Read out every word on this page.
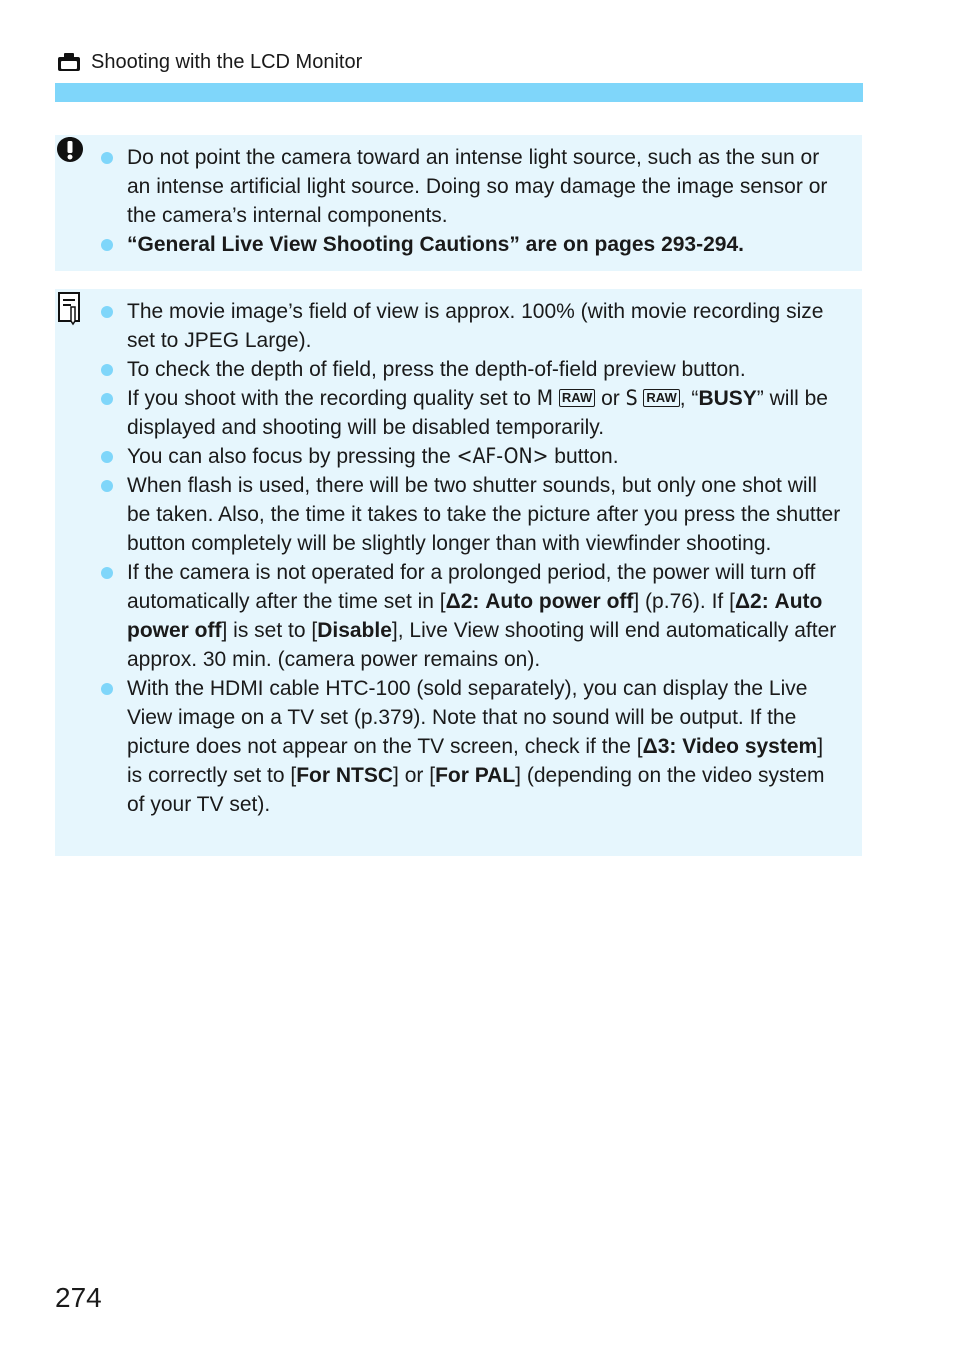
Shooting with the LCD Monitor
Do not point the camera toward an intense light source, such as the sun or an intense artificial light source. Doing so may damage the image sensor or the camera’s internal components.
“General Live View Shooting Cautions” are on pages 293-294.
The movie image’s field of view is approx. 100% (with movie recording size set to JPEG Large).
To check the depth of field, press the depth-of-field preview button.
If you shoot with the recording quality set to M RAW or S RAW , “BUSY” will be displayed and shooting will be disabled temporarily.
You can also focus by pressing the <AF-ON> button.
When flash is used, there will be two shutter sounds, but only one shot will be taken. Also, the time it takes to take the picture after you press the shutter button completely will be slightly longer than with viewfinder shooting.
If the camera is not operated for a prolonged period, the power will turn off automatically after the time set in [Δ2: Auto power off] (p.76). If [Δ2: Auto power off] is set to [Disable], Live View shooting will end automatically after approx. 30 min. (camera power remains on).
With the HDMI cable HTC-100 (sold separately), you can display the Live View image on a TV set (p.379). Note that no sound will be output. If the picture does not appear on the TV screen, check if the [Δ3: Video system] is correctly set to [For NTSC] or [For PAL] (depending on the video system of your TV set).
274
